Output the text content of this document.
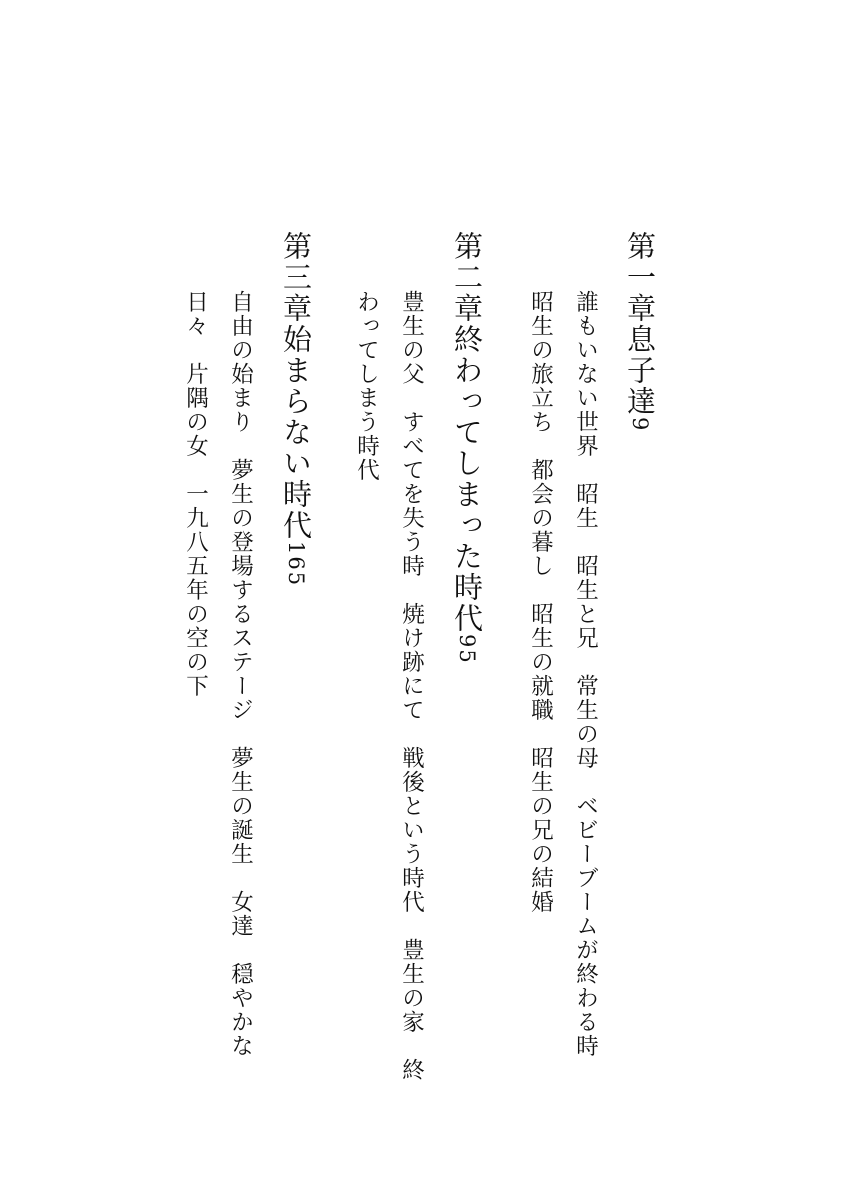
第一章息子達9
誰もいない世界　昭生　昭生と兄　常生の母　ベビーブームが終わる時
昭生の旅立ち　都会の暮し　昭生の就職　昭生の兄の結婚
第二章終わってしまった時代95
豊生の父　すべてを失う時　焼け跡にて　戦後という時代　豊生の家　終
わってしまう時代
第三章始まらない時代165
自由の始まり　夢生の登場するステージ　夢生の誕生　女達　穏やかな
日々　片隅の女　一九八五年の空の下
